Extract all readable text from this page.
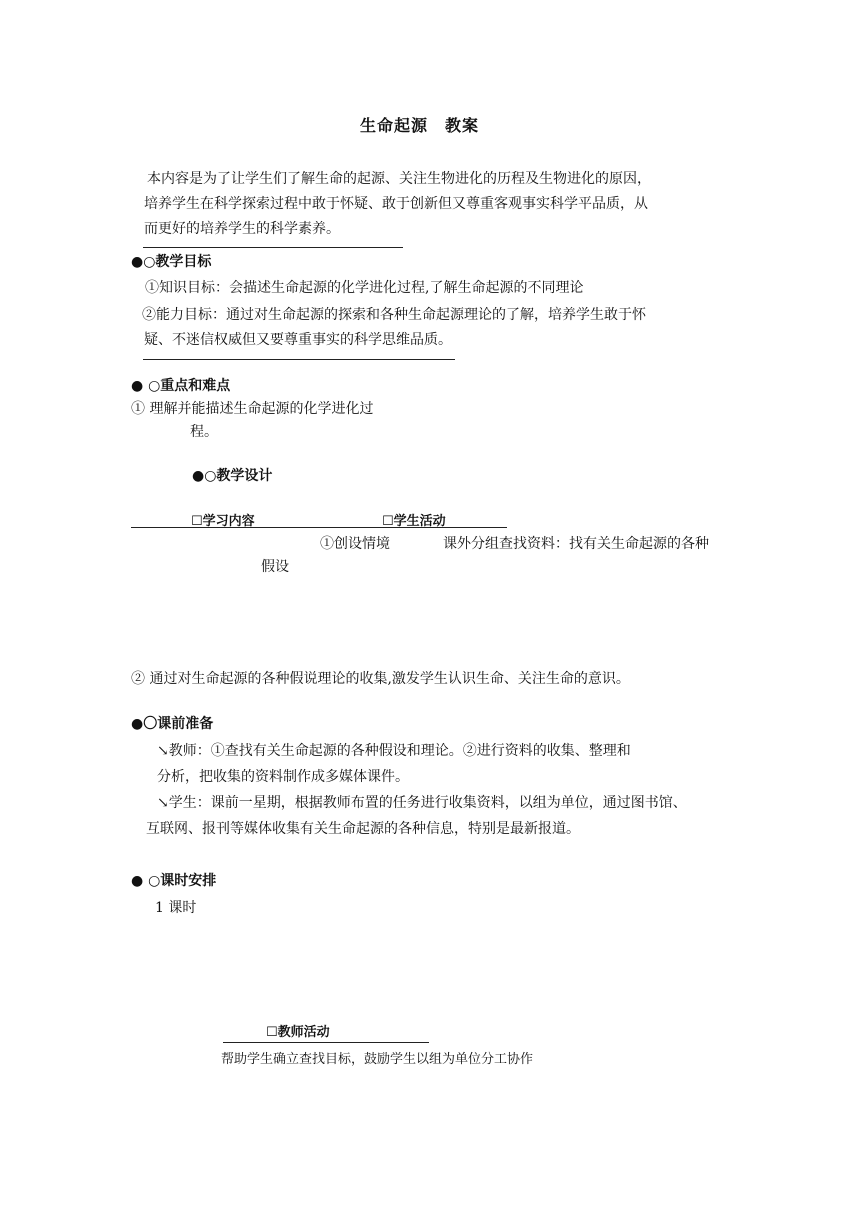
生命起源　教案
本内容是为了让学生们了解生命的起源、关注生物进化的历程及生物进化的原因，
培养学生在科学探索过程中敢于怀疑、敢于创新但又尊重客观事实科学平品质，从
而更好的培养学生的科学素养。
●○教学目标
①知识目标：会描述生命起源的化学进化过程,了解生命起源的不同理论
②能力目标：通过对生命起源的探索和各种生命起源理论的了解，培养学生敢于怀
疑、不迷信权威但又要尊重事实的科学思维品质。
● ○重点和难点
① 理解并能描述生命起源的化学进化过
程。
●○教学设计
☐学习内容	☐学生活动
①创设情境	课外分组查找资料：找有关生命起源的各种
假设
② 通过对生命起源的各种假说理论的收集,激发学生认识生命、关注生命的意识。
●〇课前准备
↘教师：①查找有关生命起源的各种假设和理论。②进行资料的收集、整理和
分析，把收集的资料制作成多媒体课件。
↘学生：课前一星期，根据教师布置的任务进行收集资料，以组为单位，通过图书馆、
互联网、报刊等媒体收集有关生命起源的各种信息，特别是最新报道。
● ○课时安排
1 课时
☐教师活动
帮助学生确立查找目标，鼓励学生以组为单位分工协作
